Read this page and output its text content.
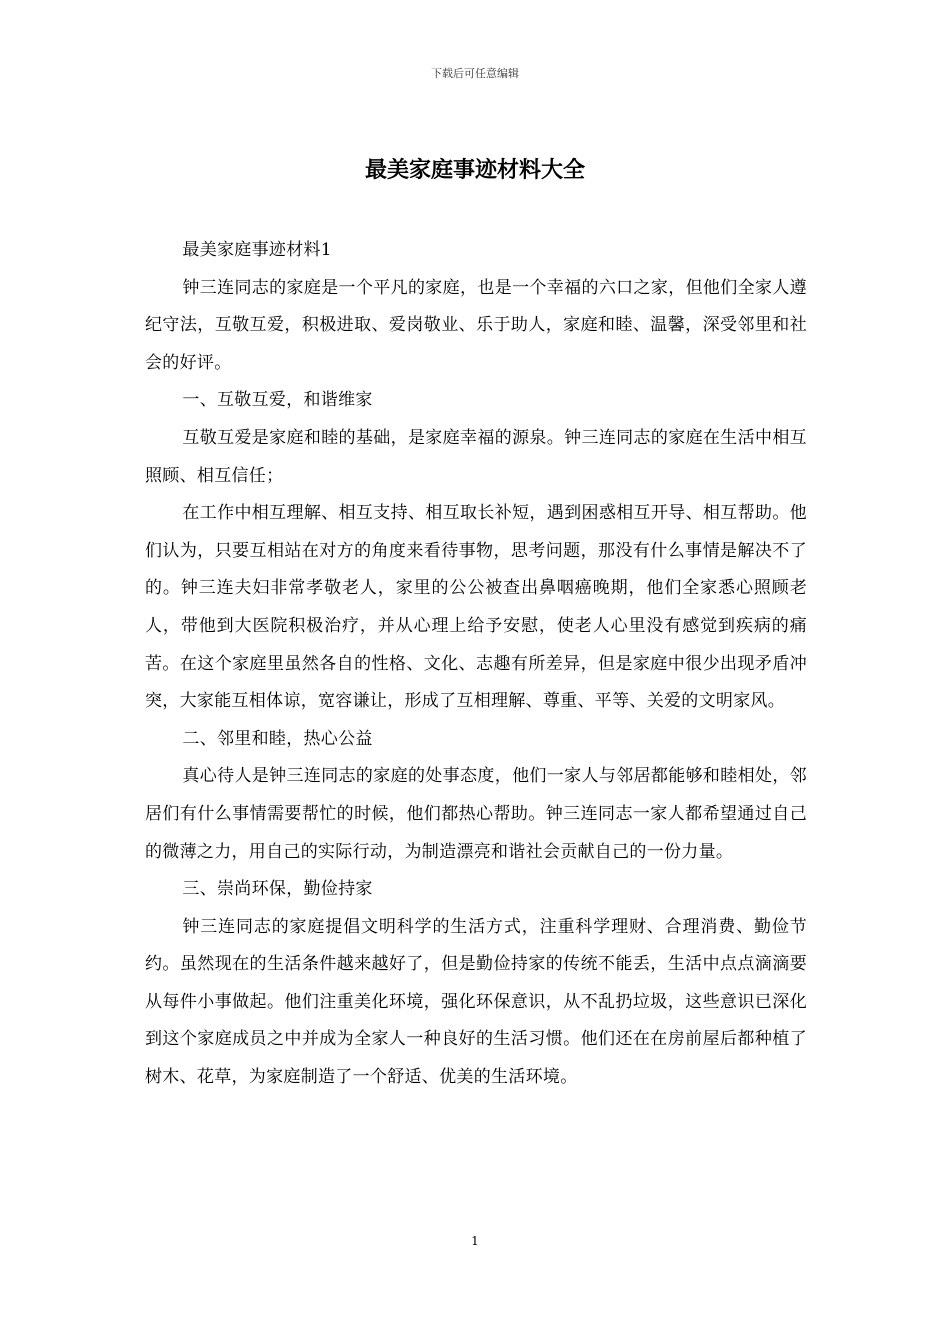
下载后可任意编辑
最美家庭事迹材料大全

最美家庭事迹材料1

钟三连同志的家庭是一个平凡的家庭，也是一个幸福的六口之家，但他们全家人遵纪守法，互敬互爱，积极进取、爱岗敬业、乐于助人，家庭和睦、温馨，深受邻里和社会的好评。

一、互敬互爱，和谐维家

互敬互爱是家庭和睦的基础，是家庭幸福的源泉。钟三连同志的家庭在生活中相互照顾、相互信任；

在工作中相互理解、相互支持、相互取长补短，遇到困惑相互开导、相互帮助。他们认为，只要互相站在对方的角度来看待事物，思考问题，那没有什么事情是解决不了的。钟三连夫妇非常孝敬老人，家里的公公被查出鼻咽癌晚期，他们全家悉心照顾老人，带他到大医院积极治疗，并从心理上给予安慰，使老人心里没有感觉到疾病的痛苦。在这个家庭里虽然各自的性格、文化、志趣有所差异，但是家庭中很少出现矛盾冲突，大家能互相体谅，宽容谦让，形成了互相理解、尊重、平等、关爱的文明家风。

二、邻里和睦，热心公益

真心待人是钟三连同志的家庭的处事态度，他们一家人与邻居都能够和睦相处，邻居们有什么事情需要帮忙的时候，他们都热心帮助。钟三连同志一家人都希望通过自己的微薄之力，用自己的实际行动，为制造漂亮和谐社会贡献自己的一份力量。

三、崇尚环保，勤俭持家

钟三连同志的家庭提倡文明科学的生活方式，注重科学理财、合理消费、勤俭节约。虽然现在的生活条件越来越好了，但是勤俭持家的传统不能丢，生活中点点滴滴要从每件小事做起。他们注重美化环境，强化环保意识，从不乱扔垃圾，这些意识已深化到这个家庭成员之中并成为全家人一种良好的生活习惯。他们还在在房前屋后都种植了树木、花草，为家庭制造了一个舒适、优美的生活环境。

1
